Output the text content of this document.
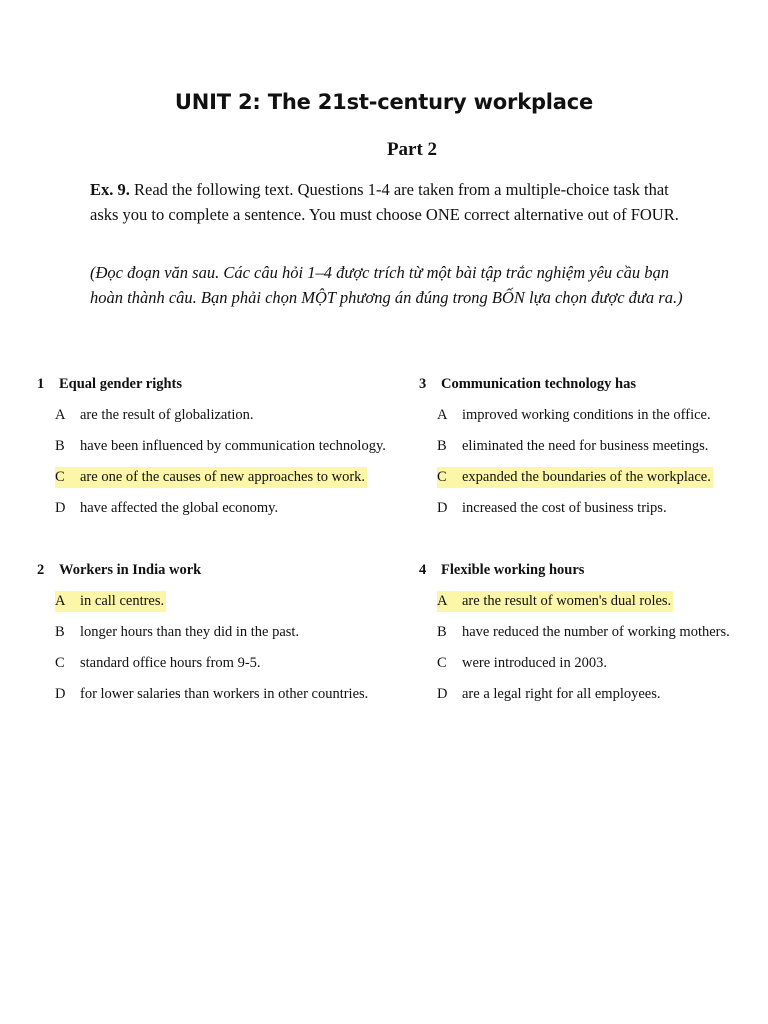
UNIT 2: The 21st-century workplace
Part 2
Ex. 9. Read the following text. Questions 1-4 are taken from a multiple-choice task that asks you to complete a sentence. You must choose ONE correct alternative out of FOUR.
(Đọc đoạn văn sau. Các câu hỏi 1–4 được trích từ một bài tập trắc nghiệm yêu cầu bạn hoàn thành câu. Bạn phải chọn MỘT phương án đúng trong BỐN lựa chọn được đưa ra.)
1 Equal gender rights
A are the result of globalization.
B have been influenced by communication technology.
C are one of the causes of new approaches to work.
D have affected the global economy.
2 Workers in India work
A in call centres.
B longer hours than they did in the past.
C standard office hours from 9-5.
D for lower salaries than workers in other countries.
3 Communication technology has
A improved working conditions in the office.
B eliminated the need for business meetings.
C expanded the boundaries of the workplace.
D increased the cost of business trips.
4 Flexible working hours
A are the result of women's dual roles.
B have reduced the number of working mothers.
C were introduced in 2003.
D are a legal right for all employees.
